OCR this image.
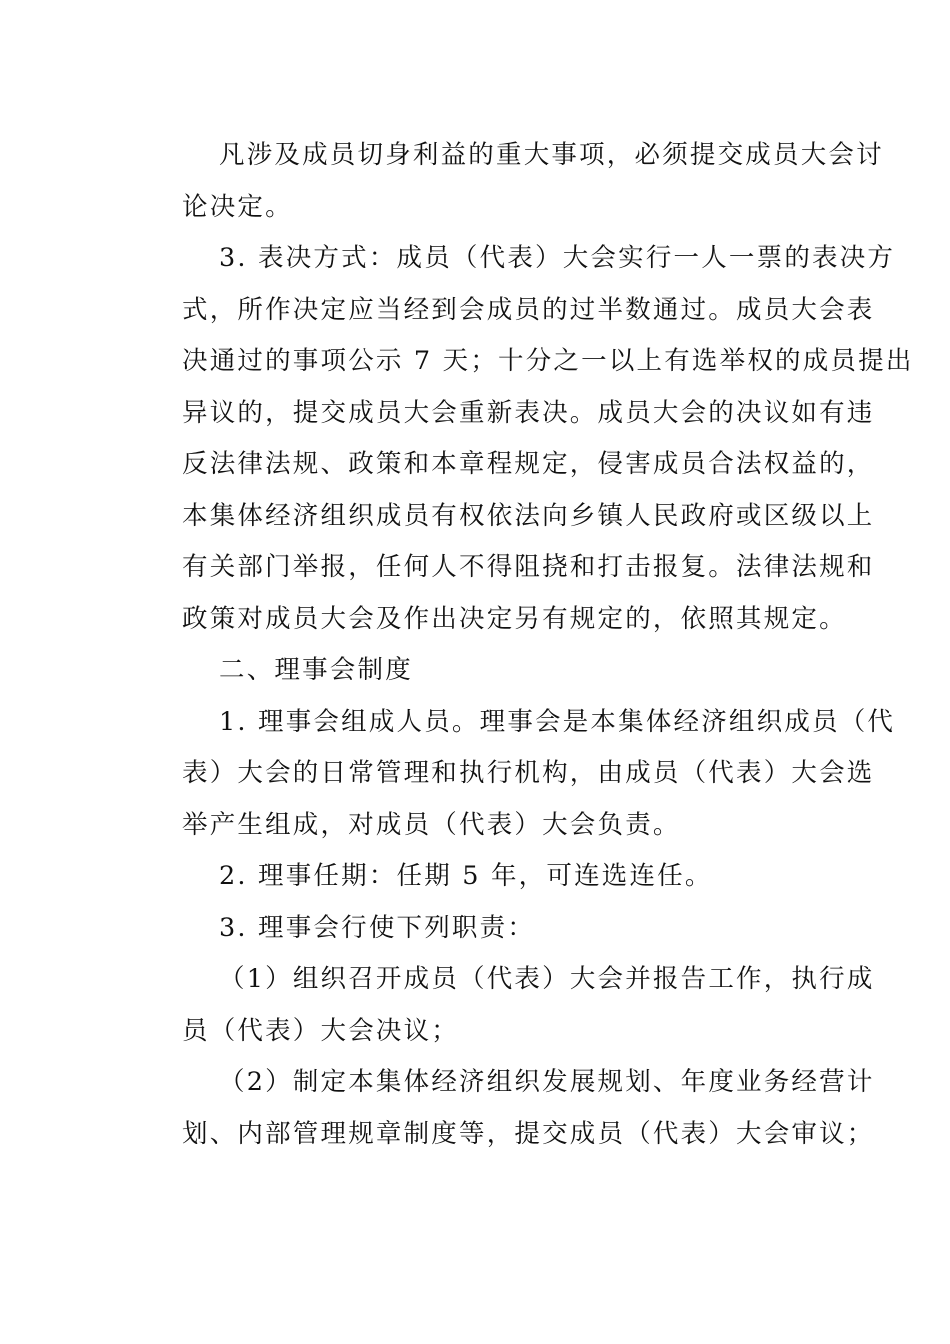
凡涉及成员切身利益的重大事项，必须提交成员大会讨
论决定。
3. 表决方式：成员（代表）大会实行一人一票的表决方
式，所作决定应当经到会成员的过半数通过。成员大会表
决通过的事项公示 7 天；十分之一以上有选举权的成员提出
异议的，提交成员大会重新表决。成员大会的决议如有违
反法律法规、政策和本章程规定，侵害成员合法权益的，
本集体经济组织成员有权依法向乡镇人民政府或区级以上
有关部门举报，任何人不得阻挠和打击报复。法律法规和
政策对成员大会及作出决定另有规定的，依照其规定。
二、理事会制度
1. 理事会组成人员。理事会是本集体经济组织成员（代
表）大会的日常管理和执行机构，由成员（代表）大会选
举产生组成，对成员（代表）大会负责。
2. 理事任期：任期 5 年，可连选连任。
3. 理事会行使下列职责：
（1）组织召开成员（代表）大会并报告工作，执行成
员（代表）大会决议；
（2）制定本集体经济组织发展规划、年度业务经营计
划、内部管理规章制度等，提交成员（代表）大会审议；
